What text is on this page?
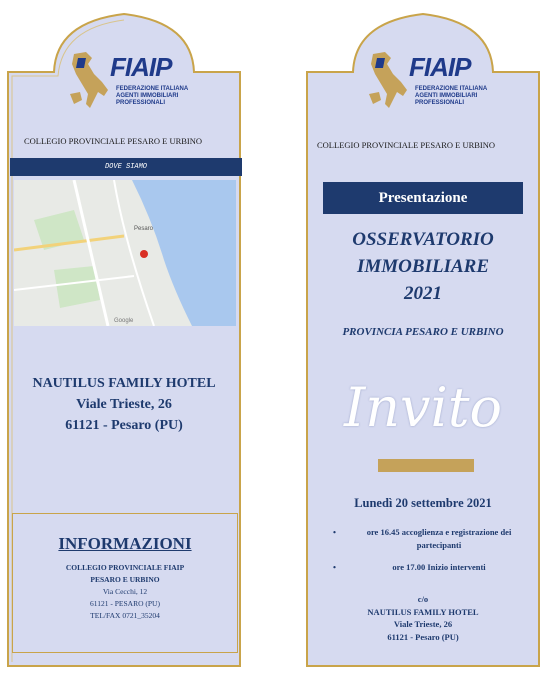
FIAIP
FEDERAZIONE ITALIANA
AGENTI IMMOBILIARI
PROFESSIONALI
COLLEGIO PROVINCIALE PESARO E URBINO
DOVE SIAMO
Pesaro
Google
NAUTILUS FAMILY HOTEL
Viale Trieste, 26
61121 - Pesaro (PU)
INFORMAZIONI
COLLEGIO PROVINCIALE FIAIP
PESARO E URBINO
Via Cecchi, 12
61121 - PESARO (PU)
TEL/FAX 0721_35204
FIAIP
FEDERAZIONE ITALIANA
AGENTI IMMOBILIARI
PROFESSIONALI
COLLEGIO PROVINCIALE PESARO E URBINO
Presentazione
OSSERVATORIO
IMMOBILIARE
2021
PROVINCIA PESARO E URBINO
Invito
Lunedì 20 settembre 2021
•	ore 16.45 accoglienza e registrazione dei partecipanti
•	ore 17.00 Inizio interventi
c/o
NAUTILUS FAMILY HOTEL
Viale Trieste, 26
61121 - Pesaro (PU)
